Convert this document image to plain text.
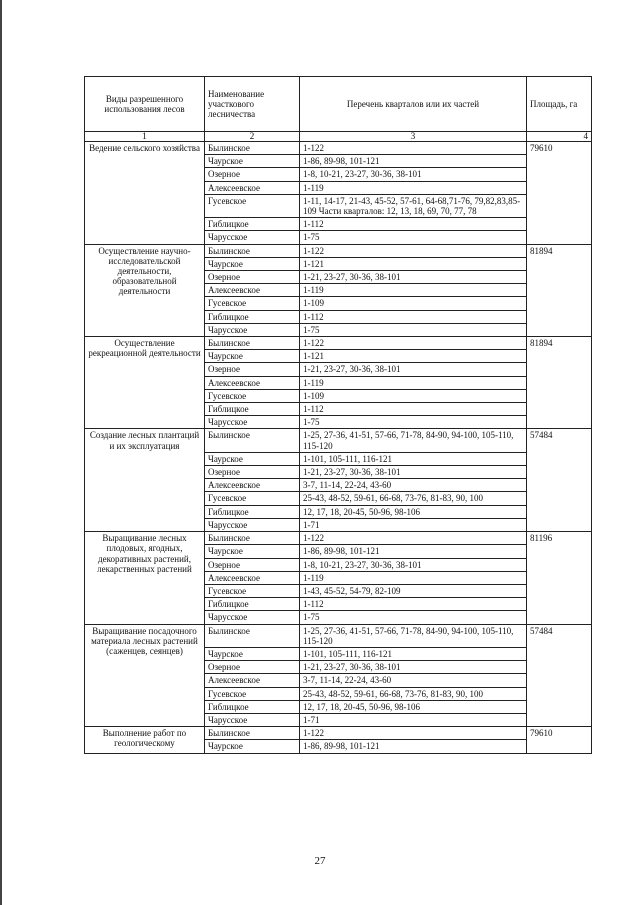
Виды разрешенного использования лесов	Наименование участкового лесничества	Перечень кварталов или их частей	Площадь, га
1	2	3	4
Ведение сельского хозяйства	Былинское	1-122	79610
	Чаурское	1-86, 89-98, 101-121	
	Озерное	1-8, 10-21, 23-27, 30-36, 38-101	
	Алексеевское	1-119	
	Гусевское	1-11, 14-17, 21-43, 45-52, 57-61, 64-68,71-76, 79,82,83,85-109 Части кварталов: 12, 13, 18, 69, 70, 77, 78	
	Гиблицкое	1-112	
	Чарусское	1-75	
Осуществление научно-исследовательской деятельности, образовательной деятельности	Былинское	1-122	81894
	Чаурское	1-121	
	Озерное	1-21, 23-27, 30-36, 38-101	
	Алексеевское	1-119	
	Гусевское	1-109	
	Гиблицкое	1-112	
	Чарусское	1-75	
Осуществление рекреационной деятельности	Былинское	1-122	81894
	Чаурское	1-121	
	Озерное	1-21, 23-27, 30-36, 38-101	
	Алексеевское	1-119	
	Гусевское	1-109	
	Гиблицкое	1-112	
	Чарусское	1-75	
Создание лесных плантаций и их эксплуатация	Былинское	1-25, 27-36, 41-51, 57-66, 71-78, 84-90, 94-100, 105-110, 115-120	57484
	Чаурское	1-101, 105-111, 116-121	
	Озерное	1-21, 23-27, 30-36, 38-101	
	Алексеевское	3-7, 11-14, 22-24, 43-60	
	Гусевское	25-43, 48-52, 59-61, 66-68, 73-76, 81-83, 90, 100	
	Гиблицкое	12, 17, 18, 20-45, 50-96, 98-106	
	Чарусское	1-71	
Выращивание лесных плодовых, ягодных, декоративных растений, лекарственных растений	Былинское	1-122	81196
	Чаурское	1-86, 89-98, 101-121	
	Озерное	1-8, 10-21, 23-27, 30-36, 38-101	
	Алексеевское	1-119	
	Гусевское	1-43, 45-52, 54-79, 82-109	
	Гиблицкое	1-112	
	Чарусское	1-75	
Выращивание посадочного материала лесных растений (саженцев, сеянцев)	Былинское	1-25, 27-36, 41-51, 57-66, 71-78, 84-90, 94-100, 105-110, 115-120	57484
	Чаурское	1-101, 105-111, 116-121	
	Озерное	1-21, 23-27, 30-36, 38-101	
	Алексеевское	3-7, 11-14, 22-24, 43-60	
	Гусевское	25-43, 48-52, 59-61, 66-68, 73-76, 81-83, 90, 100	
	Гиблицкое	12, 17, 18, 20-45, 50-96, 98-106	
	Чарусское	1-71	
Выполнение работ по геологическому	Былинское	1-122	79610
	Чаурское	1-86, 89-98, 101-121	
27
